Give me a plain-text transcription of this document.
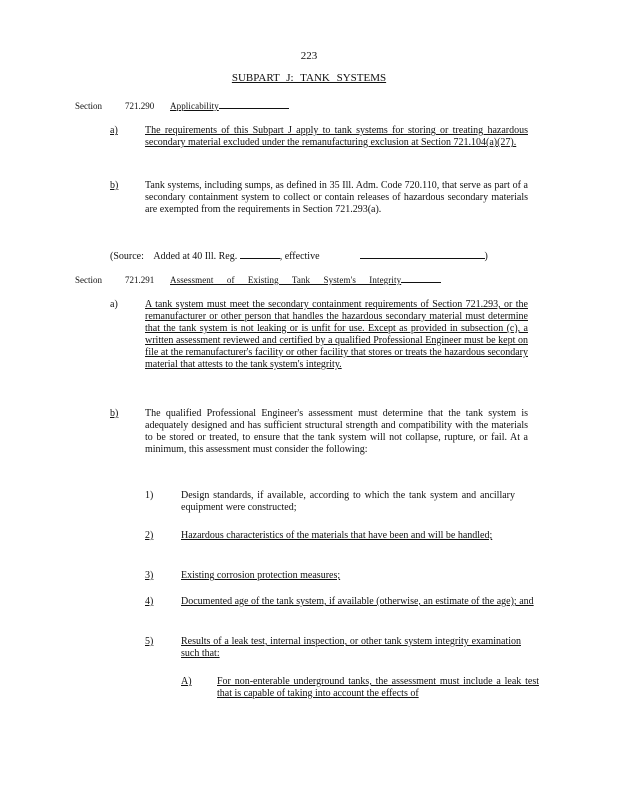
223
SUBPART J: TANK SYSTEMS
Section	721.290 Applicability
a)	The requirements of this Subpart J apply to tank systems for storing or treating hazardous secondary material excluded under the remanufacturing exclusion at Section 721.104(a)(27).
b)	Tank systems, including sumps, as defined in 35 Ill. Adm. Code 720.110, that serve as part of a secondary containment system to collect or contain releases of hazardous secondary materials are exempted from the requirements in Section 721.293(a).
(Source: Added at 40 Ill. Reg.	, effective	)
Section	721.291 Assessment of Existing Tank System's Integrity
a)	A tank system must meet the secondary containment requirements of Section 721.293, or the remanufacturer or other person that handles the hazardous secondary material must determine that the tank system is not leaking or is unfit for use. Except as provided in subsection (c), a written assessment reviewed and certified by a qualified Professional Engineer must be kept on file at the remanufacturer's facility or other facility that stores or treats the hazardous secondary material that attests to the tank system's integrity.
b)	The qualified Professional Engineer's assessment must determine that the tank system is adequately designed and has sufficient structural strength and compatibility with the materials to be stored or treated, to ensure that the tank system will not collapse, rupture, or fail. At a minimum, this assessment must consider the following:
1)	Design standards, if available, according to which the tank system and ancillary equipment were constructed;
2)	Hazardous characteristics of the materials that have been and will be handled;
3)	Existing corrosion protection measures;
4)	Documented age of the tank system, if available (otherwise, an estimate of the age); and
5)	Results of a leak test, internal inspection, or other tank system integrity examination such that:
A)	For non-enterable underground tanks, the assessment must include a leak test that is capable of taking into account the effects of
